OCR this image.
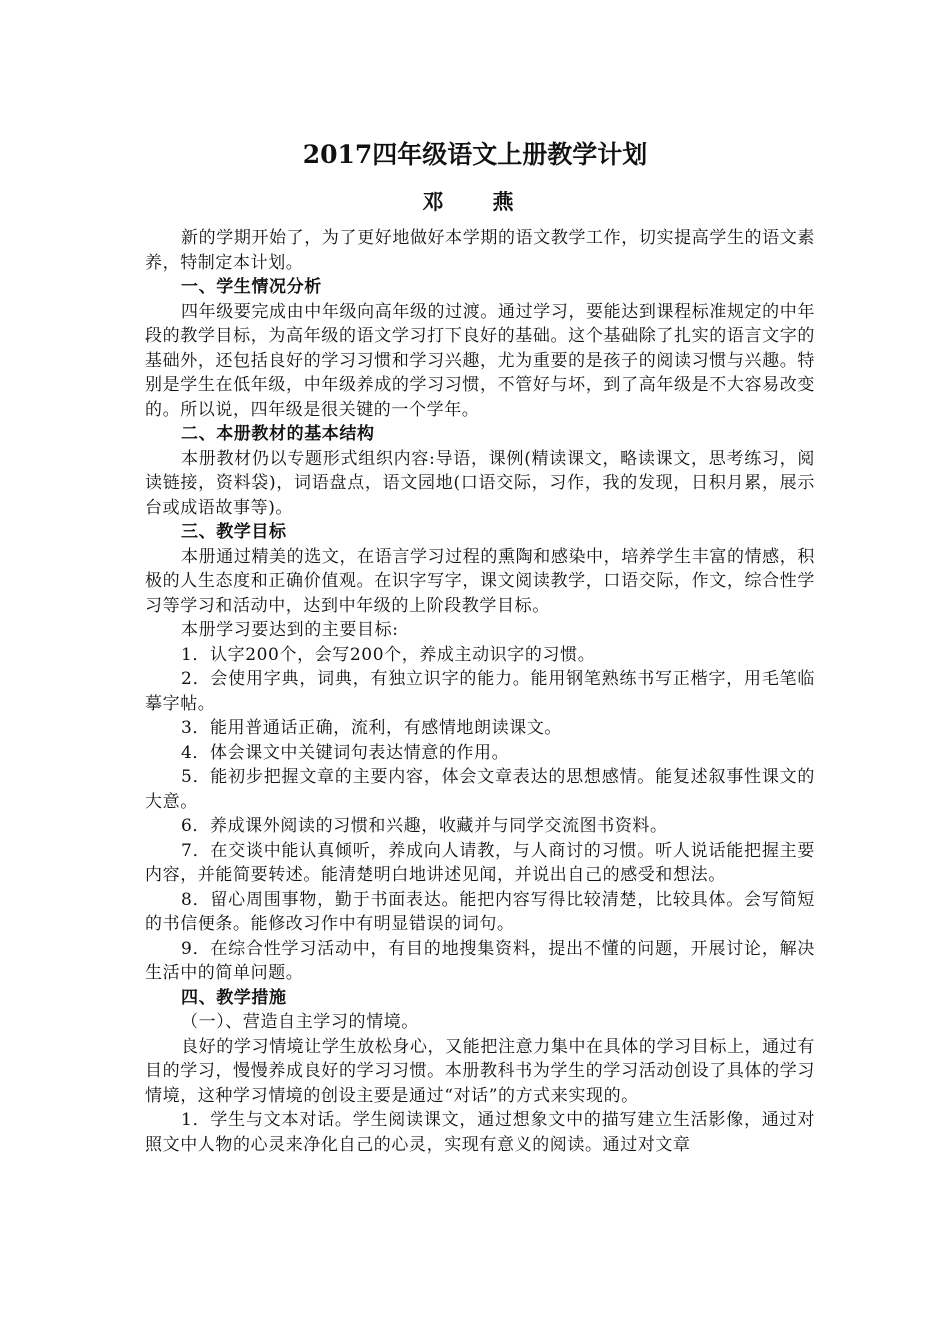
2017四年级语文上册教学计划
邓　燕

新的学期开始了，为了更好地做好本学期的语文教学工作，切实提高学生的语文素养，特制定本计划。

一、学生情况分析

四年级要完成由中年级向高年级的过渡。通过学习，要能达到课程标准规定的中年段的教学目标，为高年级的语文学习打下良好的基础。这个基础除了扎实的语言文字的基础外，还包括良好的学习习惯和学习兴趣，尤为重要的是孩子的阅读习惯与兴趣。特别是学生在低年级，中年级养成的学习习惯，不管好与坏，到了高年级是不大容易改变的。所以说，四年级是很关键的一个学年。

二、本册教材的基本结构

本册教材仍以专题形式组织内容:导语，课例(精读课文，略读课文，思考练习，阅读链接，资料袋)，词语盘点，语文园地(口语交际，习作，我的发现，日积月累，展示台或成语故事等)。

三、教学目标

本册通过精美的选文，在语言学习过程的熏陶和感染中，培养学生丰富的情感，积极的人生态度和正确价值观。在识字写字，课文阅读教学，口语交际，作文，综合性学习等学习和活动中，达到中年级的上阶段教学目标。

本册学习要达到的主要目标:

1．认字200个，会写200个，养成主动识字的习惯。

2．会使用字典，词典，有独立识字的能力。能用钢笔熟练书写正楷字，用毛笔临摹字帖。

3．能用普通话正确，流利，有感情地朗读课文。

4．体会课文中关键词句表达情意的作用。

5．能初步把握文章的主要内容，体会文章表达的思想感情。能复述叙事性课文的大意。

6．养成课外阅读的习惯和兴趣，收藏并与同学交流图书资料。

7．在交谈中能认真倾听，养成向人请教，与人商讨的习惯。听人说话能把握主要内容，并能简要转述。能清楚明白地讲述见闻，并说出自己的感受和想法。

8．留心周围事物，勤于书面表达。能把内容写得比较清楚，比较具体。会写简短的书信便条。能修改习作中有明显错误的词句。

9．在综合性学习活动中，有目的地搜集资料，提出不懂的问题，开展讨论，解决生活中的简单问题。

四、教学措施

（一）、营造自主学习的情境。

良好的学习情境让学生放松身心，又能把注意力集中在具体的学习目标上，通过有目的学习，慢慢养成良好的学习习惯。本册教科书为学生的学习活动创设了具体的学习情境，这种学习情境的创设主要是通过“对话”的方式来实现的。

1．学生与文本对话。学生阅读课文，通过想象文中的描写建立生活影像，通过对照文中人物的心灵来净化自己的心灵，实现有意义的阅读。通过对文章
